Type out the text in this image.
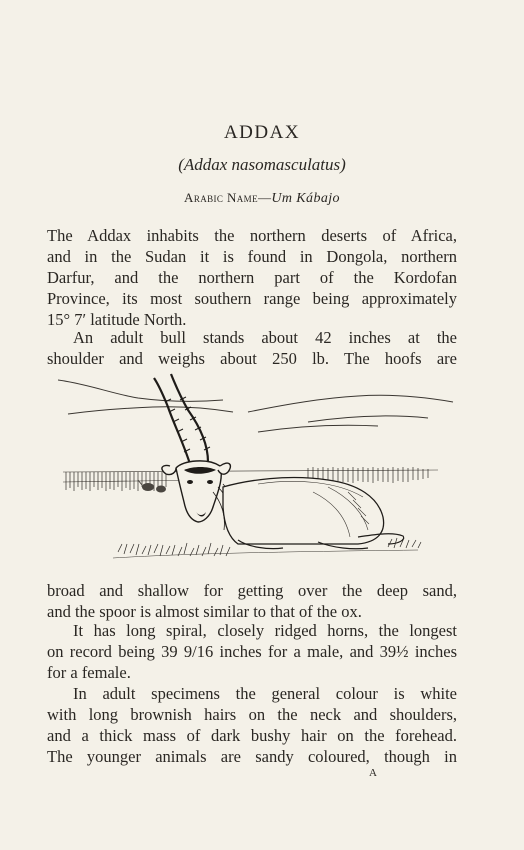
ADDAX
(Addax nasomasculatus)
Arabic Name—Um Kábajo
The Addax inhabits the northern deserts of Africa,
and in the Sudan it is found in Dongola, northern
Darfur, and the northern part of the Kordofan
Province, its most southern range being approximately
15° 7′ latitude North.
An adult bull stands about 42 inches at the
shoulder and weighs about 250 lb. The hoofs are
broad and shallow for getting over the deep sand,
and the spoor is almost similar to that of the ox.
It has long spiral, closely ridged horns, the longest
on record being 39 9/16 inches for a male, and 39½ inches
for a female.
In adult specimens the general colour is white
with long brownish hairs on the neck and shoulders,
and a thick mass of dark bushy hair on the forehead.
The younger animals are sandy coloured, though in
A
